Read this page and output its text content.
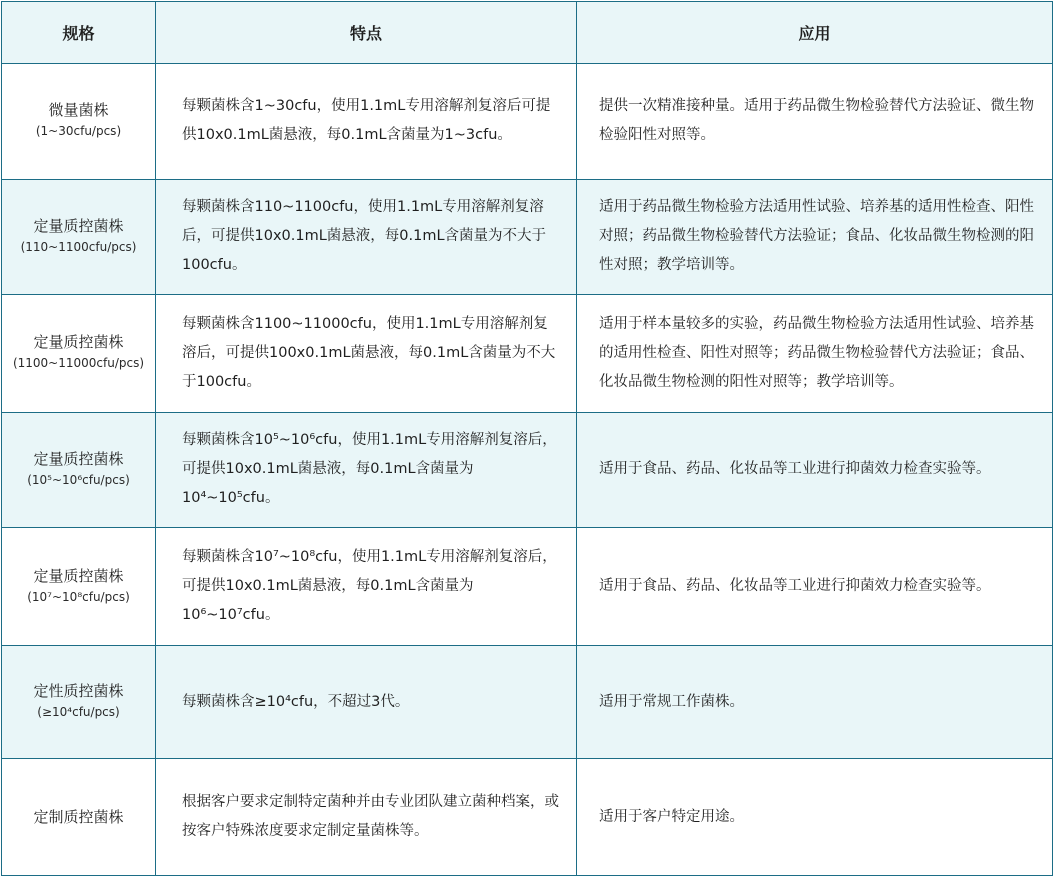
规格	特点	应用

微量菌株
(1~30cfu/pcs)	每颗菌株含1~30cfu，使用1.1mL专用溶解剂复溶后可提供10x0.1mL菌悬液，每0.1mL含菌量为1~3cfu。	提供一次精准接种量。适用于药品微生物检验替代方法验证、微生物检验阳性对照等。

定量质控菌株
(110~1100cfu/pcs)	每颗菌株含110~1100cfu，使用1.1mL专用溶解剂复溶后，可提供10x0.1mL菌悬液，每0.1mL含菌量为不大于100cfu。	适用于药品微生物检验方法适用性试验、培养基的适用性检查、阳性对照；药品微生物检验替代方法验证；食品、化妆品微生物检测的阳性对照；教学培训等。

定量质控菌株
(1100~11000cfu/pcs)	每颗菌株含1100~11000cfu，使用1.1mL专用溶解剂复溶后，可提供100x0.1mL菌悬液，每0.1mL含菌量为不大于100cfu。	适用于样本量较多的实验，药品微生物检验方法适用性试验、培养基的适用性检查、阳性对照等；药品微生物检验替代方法验证；食品、化妆品微生物检测的阳性对照等；教学培训等。

定量质控菌株
(10⁵~10⁶cfu/pcs)	每颗菌株含10⁵~10⁶cfu，使用1.1mL专用溶解剂复溶后，可提供10x0.1mL菌悬液，每0.1mL含菌量为10⁴~10⁵cfu。	适用于食品、药品、化妆品等工业进行抑菌效力检查实验等。

定量质控菌株
(10⁷~10⁸cfu/pcs)	每颗菌株含10⁷~10⁸cfu，使用1.1mL专用溶解剂复溶后，可提供10x0.1mL菌悬液，每0.1mL含菌量为10⁶~10⁷cfu。	适用于食品、药品、化妆品等工业进行抑菌效力检查实验等。

定性质控菌株
(≥10⁴cfu/pcs)	每颗菌株含≥10⁴cfu，不超过3代。	适用于常规工作菌株。

定制质控菌株	根据客户要求定制特定菌种并由专业团队建立菌种档案，或按客户特殊浓度要求定制定量菌株等。	适用于客户特定用途。
